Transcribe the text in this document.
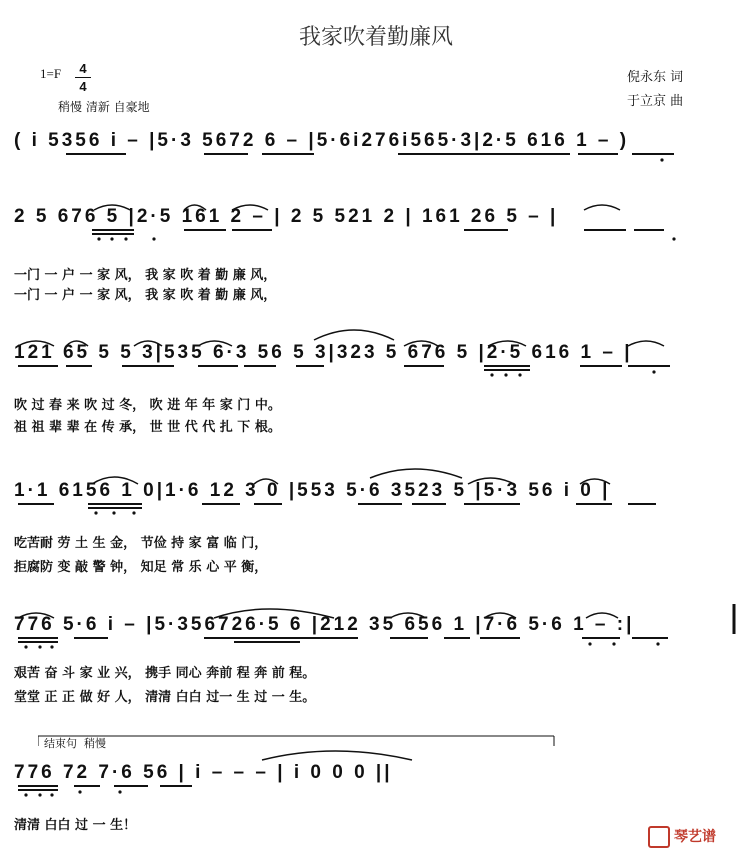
我家吹着勤廉风
1=F	4
4
稍慢 清新 自豪地
倪永东 词
于立京 曲
( i 5356 i – |5·3 5672 6 – |5·6i276i565·3|2·5 616 1 – )
2 5 676 5 |2·5 161 2 – | 2 5 521 2 | 161 26 5 – |
一门 一 户 一 家 风， 我 家 吹 着 勤 廉 风，
一门 一 户 一 家 风， 我 家 吹 着 勤 廉 风，
121 65 5 5 3|535 6·3 56 5 3|323 5 676 5 |2·5 616 1 – |
吹 过 春 来 吹 过 冬， 吹 进 年 年 家 门 中。
祖 祖 辈 辈 在 传 承， 世 世 代 代 扎 下 根。
1·1 6156 1 0|1·6 12 3 0 |553 5·6 3523 5 |5·3 56 i 0 |
吃苦耐 劳 土 生 金， 节俭 持 家 富 临 门，
拒腐防 变 敲 警 钟， 知足 常 乐 心 平 衡，
776 5·6 i – |5·356726·5 6 |212 35 656 1 |7·6 5·6 1 – :|
艰苦 奋 斗 家 业 兴， 携手 同心 奔前 程 奔 前 程。
堂堂 正 正 做 好 人， 清清 白白 过一 生 过 一 生。
结束句  稍慢
776 72 7·6 56 | i – – – | i 0 0 0 ||
清清 白白 过 一 生！
琴艺谱
